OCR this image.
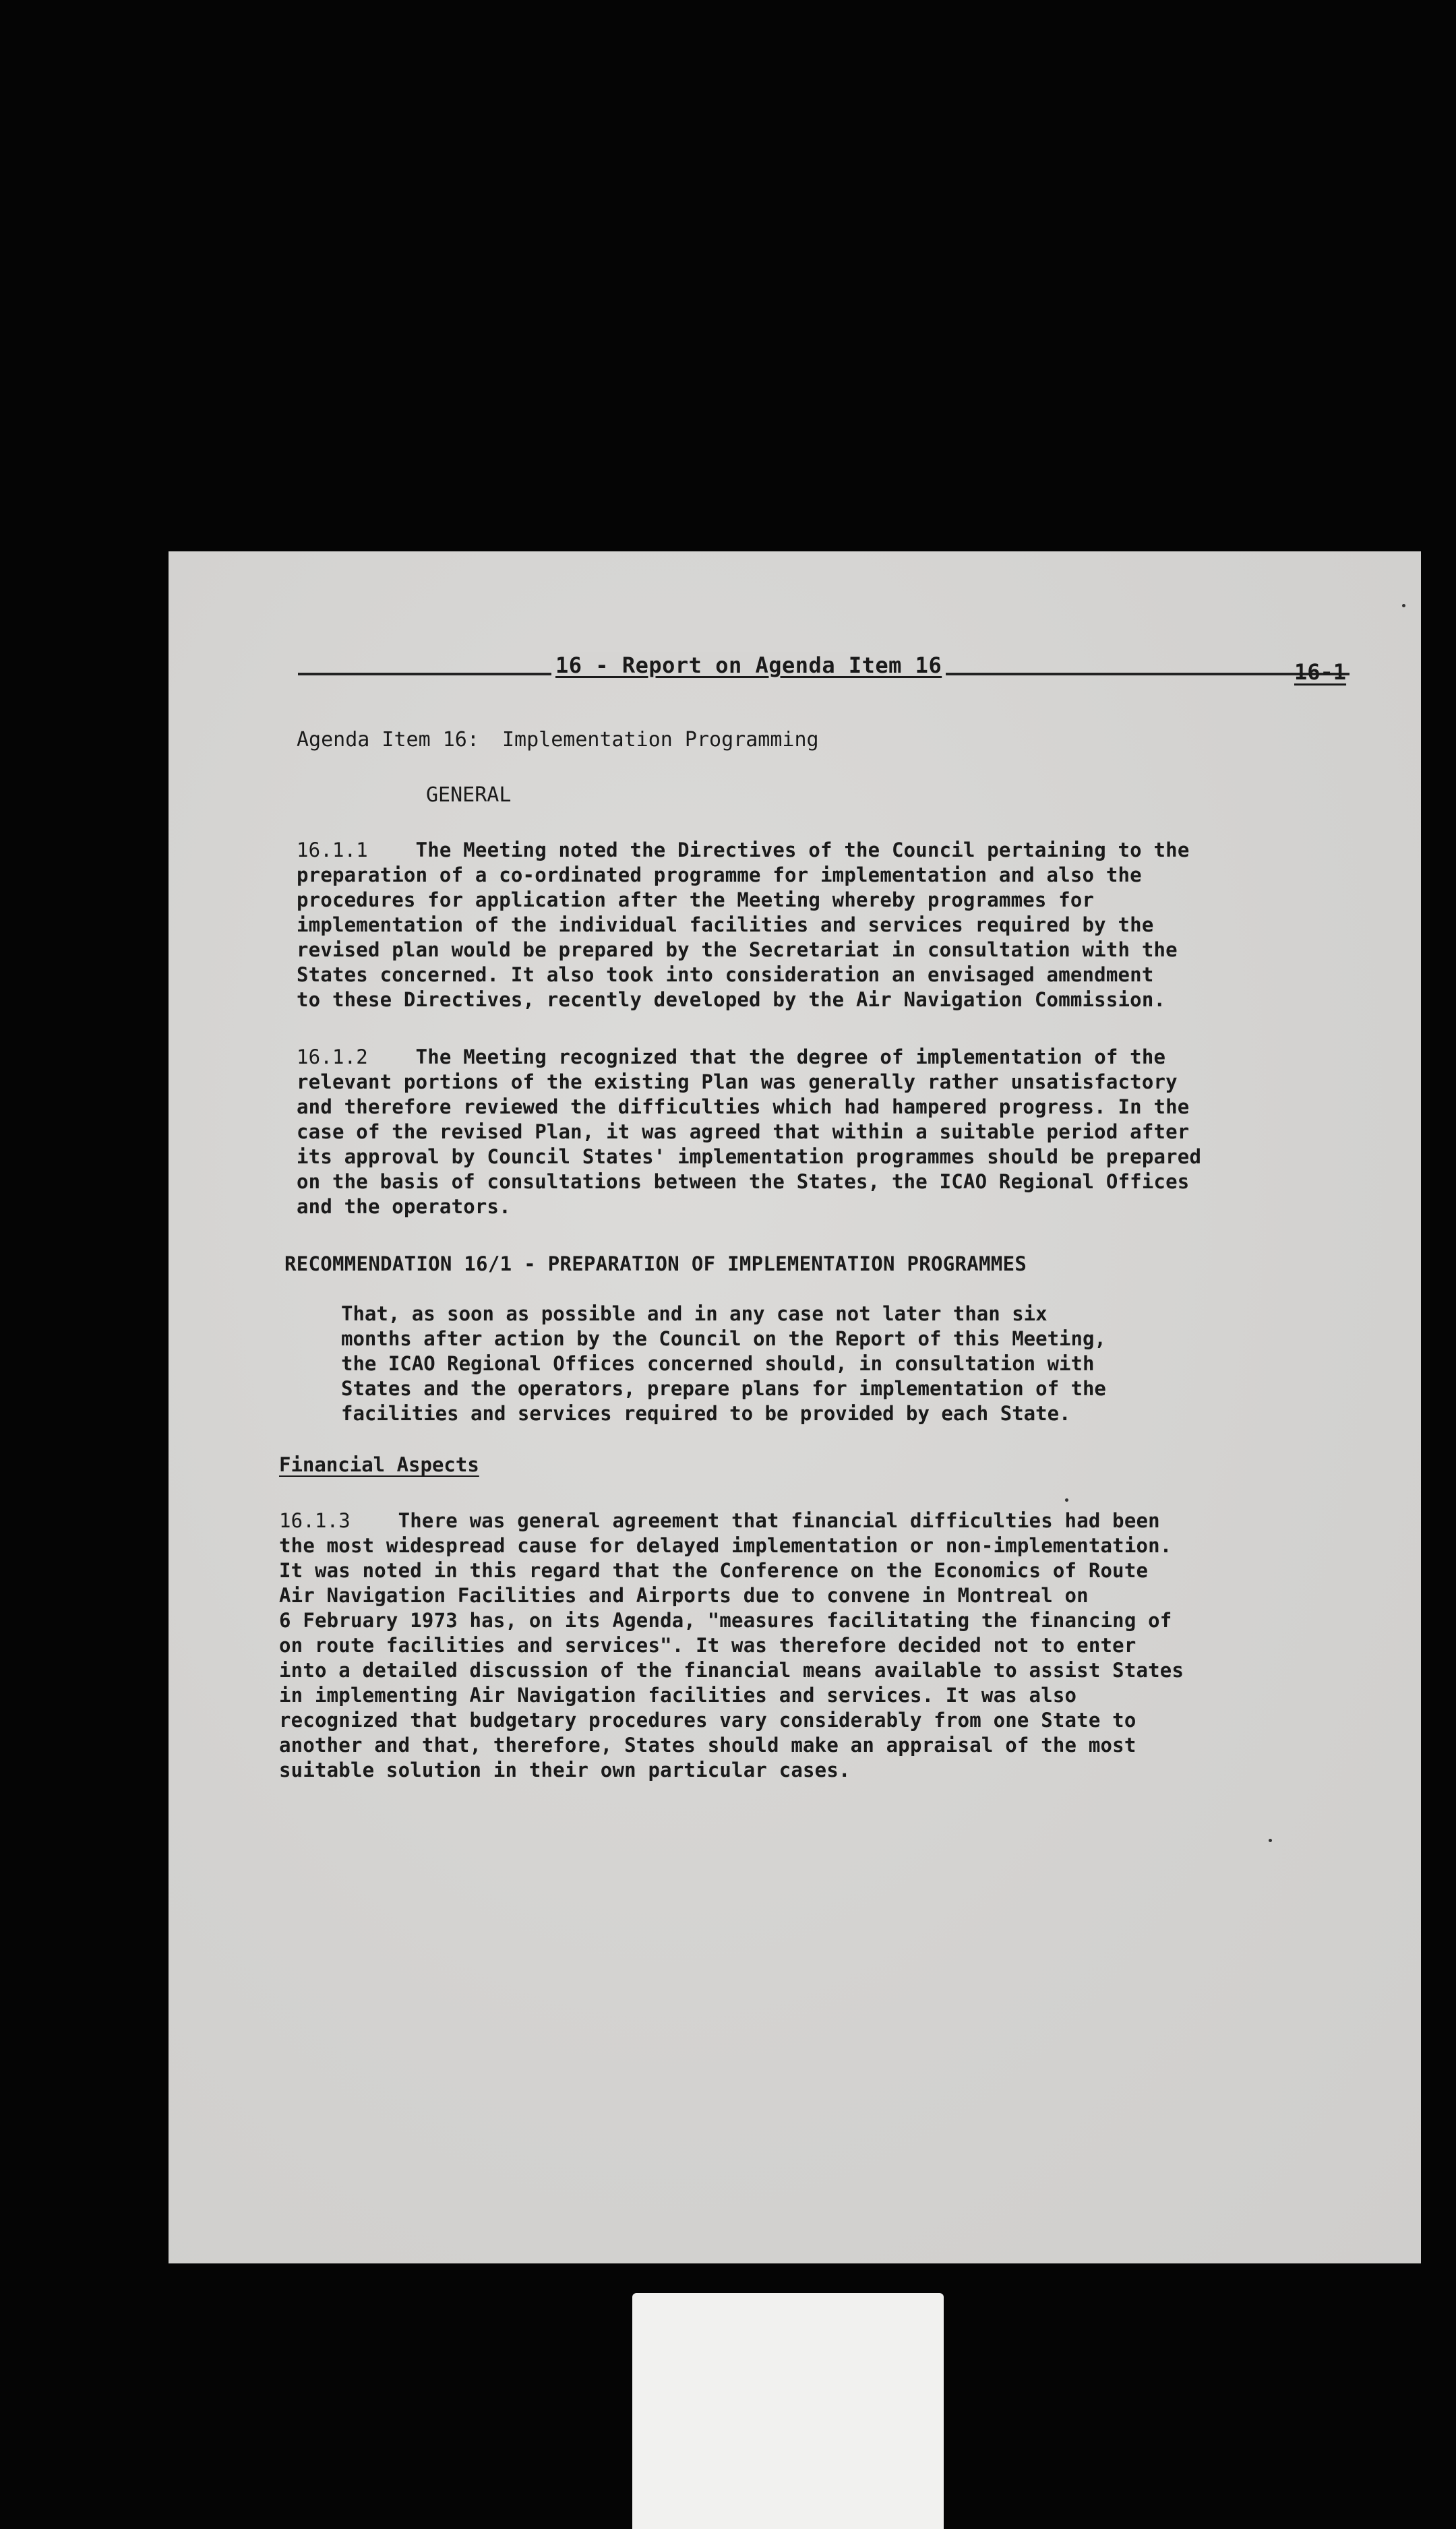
16 - Report on Agenda Item 16	16-1
Agenda Item 16: Implementation Programming
GENERAL
16.1.1 The Meeting noted the Directives of the Council pertaining to the
preparation of a co-ordinated programme for implementation and also the
procedures for application after the Meeting whereby programmes for
implementation of the individual facilities and services required by the
revised plan would be prepared by the Secretariat in consultation with the
States concerned. It also took into consideration an envisaged amendment
to these Directives, recently developed by the Air Navigation Commission.
16.1.2 The Meeting recognized that the degree of implementation of the
relevant portions of the existing Plan was generally rather unsatisfactory
and therefore reviewed the difficulties which had hampered progress. In the
case of the revised Plan, it was agreed that within a suitable period after
its approval by Council States' implementation programmes should be prepared
on the basis of consultations between the States, the ICAO Regional Offices
and the operators.
RECOMMENDATION 16/1 - PREPARATION OF IMPLEMENTATION PROGRAMMES
That, as soon as possible and in any case not later than six
months after action by the Council on the Report of this Meeting,
the ICAO Regional Offices concerned should, in consultation with
States and the operators, prepare plans for implementation of the
facilities and services required to be provided by each State.
Financial Aspects
16.1.3 There was general agreement that financial difficulties had been
the most widespread cause for delayed implementation or non-implementation.
It was noted in this regard that the Conference on the Economics of Route
Air Navigation Facilities and Airports due to convene in Montreal on
6 February 1973 has, on its Agenda, "measures facilitating the financing of
on route facilities and services". It was therefore decided not to enter
into a detailed discussion of the financial means available to assist States
in implementing Air Navigation facilities and services. It was also
recognized that budgetary procedures vary considerably from one State to
another and that, therefore, States should make an appraisal of the most
suitable solution in their own particular cases.
